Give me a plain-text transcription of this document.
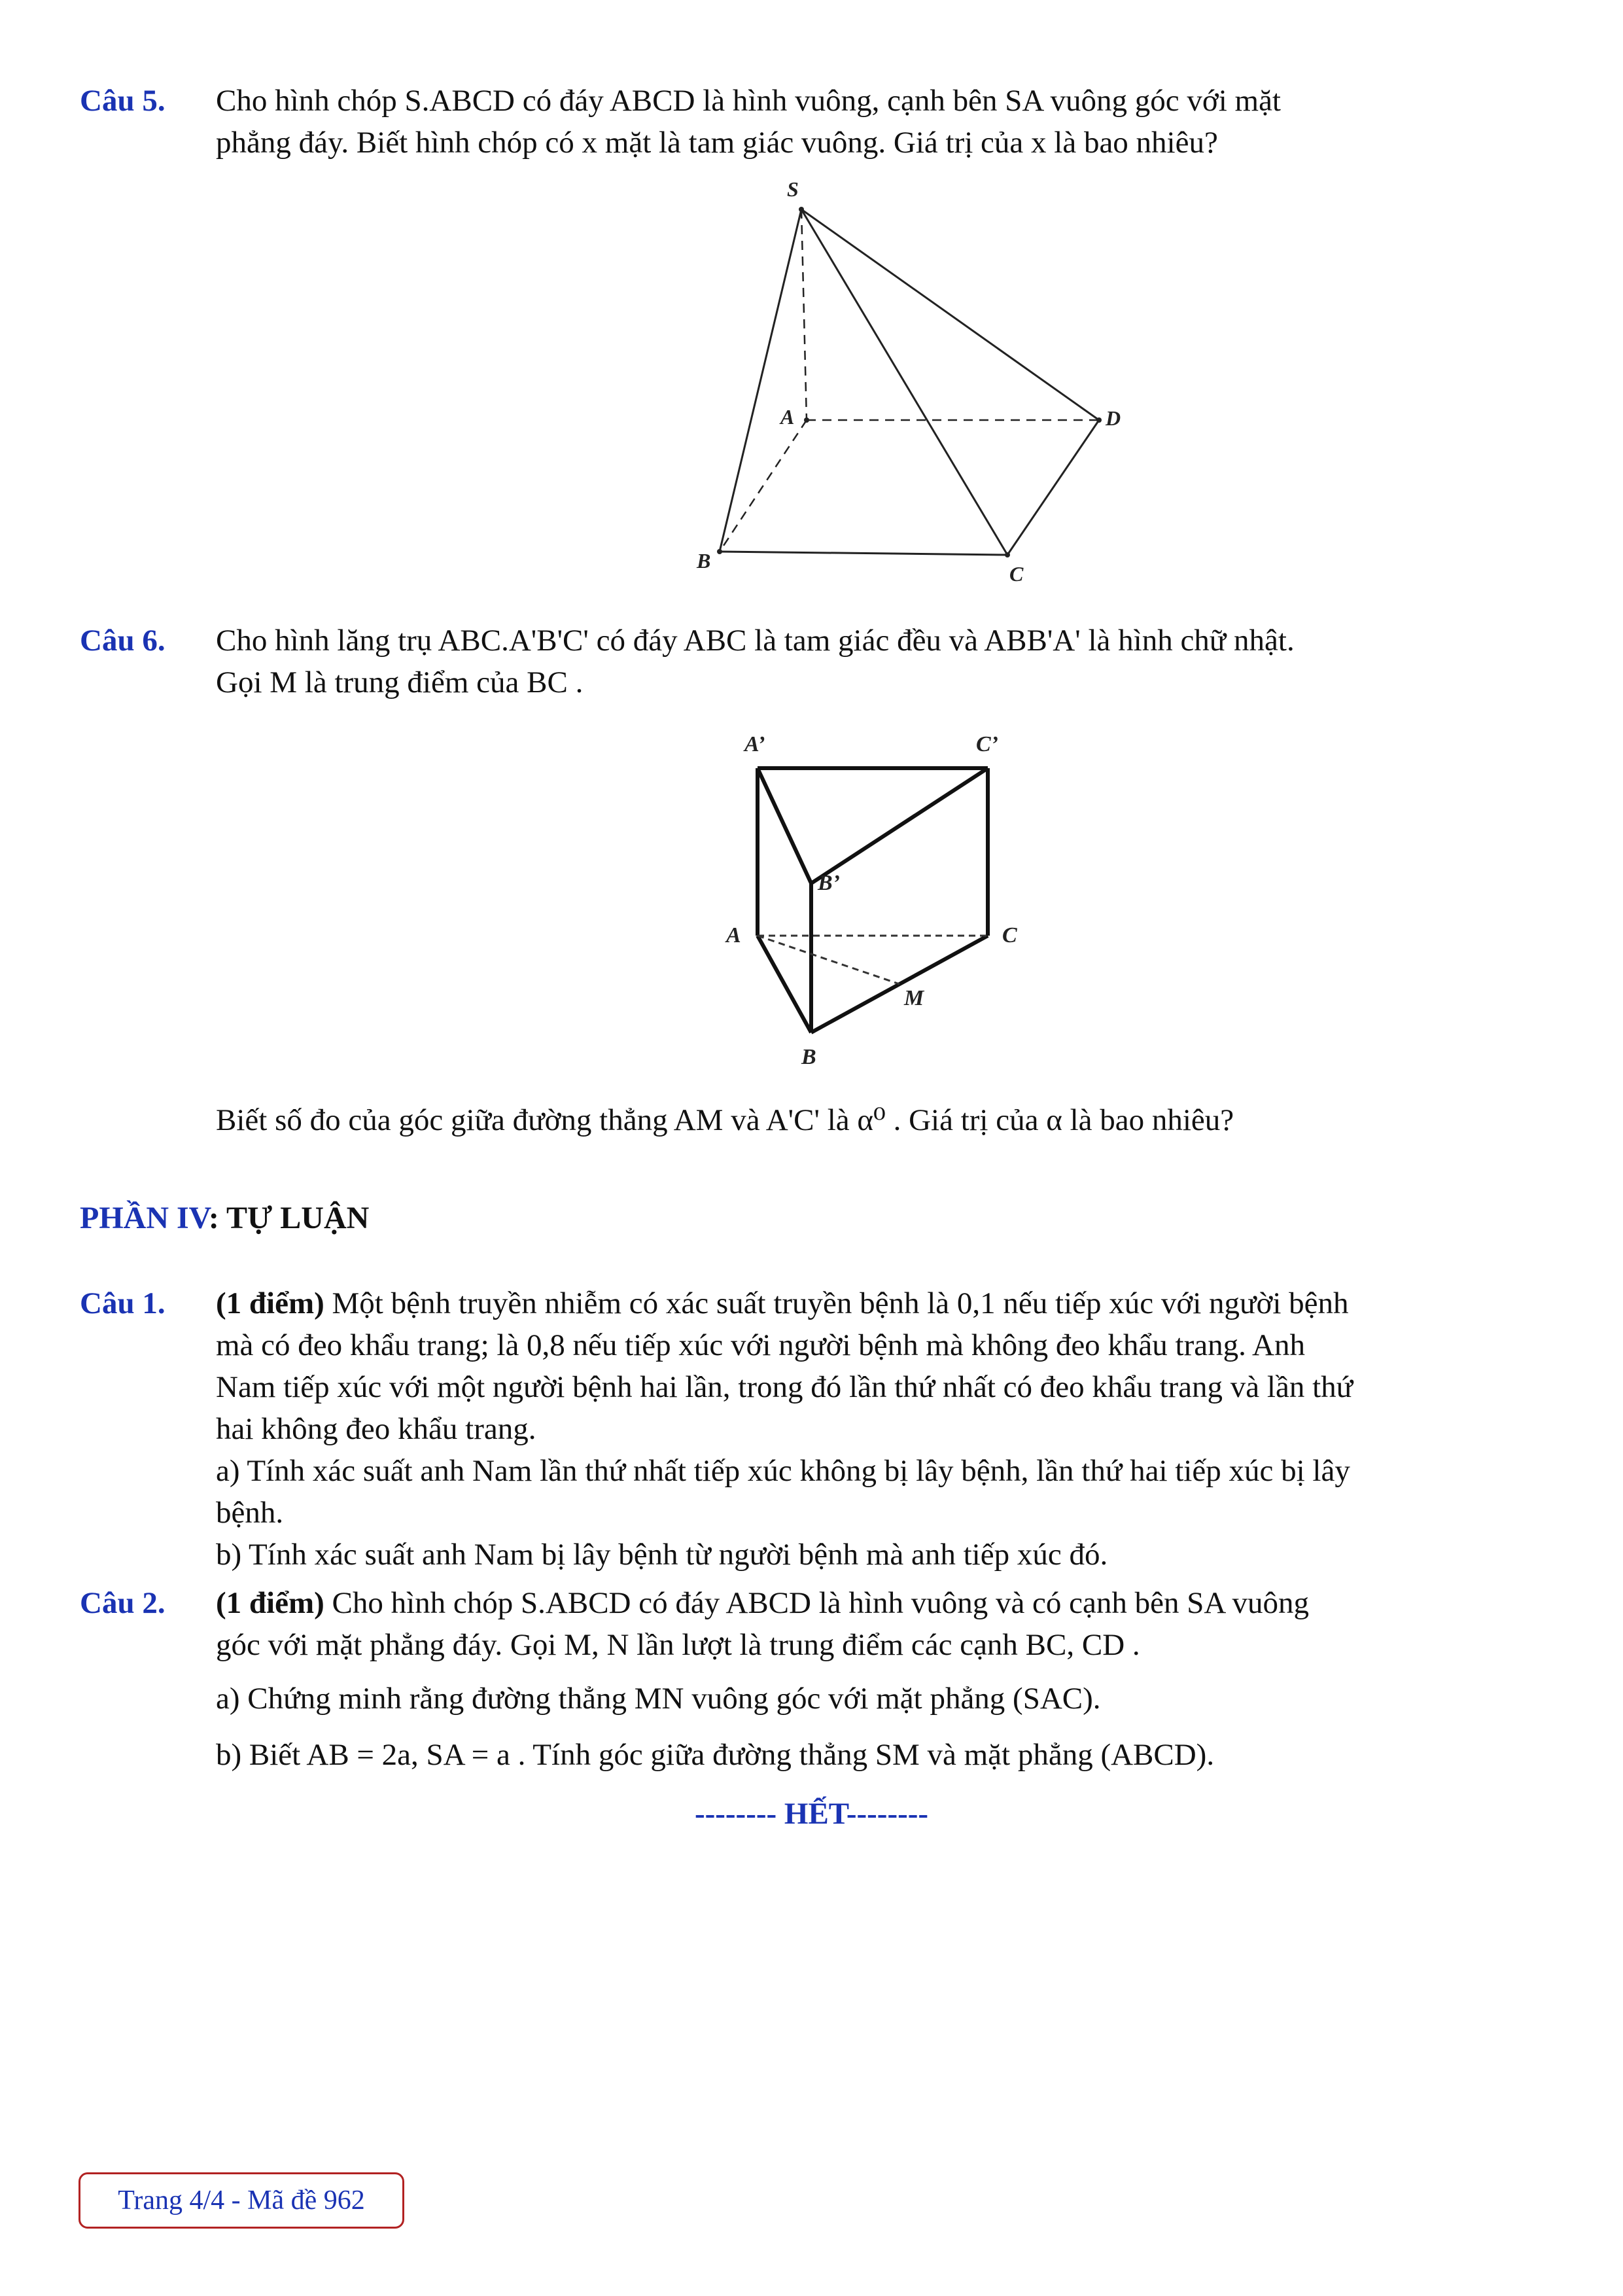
Câu 5. Cho hình chóp S.ABCD có đáy ABCD là hình vuông, cạnh bên SA vuông góc với mặt
phẳng đáy. Biết hình chóp có x mặt là tam giác vuông. Giá trị của x là bao nhiêu?
S
A
B
C
D
Câu 6. Cho hình lăng trụ ABC.A'B'C' có đáy ABC là tam giác đều và ABB'A' là hình chữ nhật.
Gọi M là trung điểm của BC .
A’	C’
B’
A	C
M
B
Biết số đo của góc giữa đường thẳng AM và A'C' là α⁰ . Giá trị của α là bao nhiêu?
PHẦN IV: TỰ LUẬN
Câu 1. (1 điểm) Một bệnh truyền nhiễm có xác suất truyền bệnh là 0,1 nếu tiếp xúc với người bệnh
mà có đeo khẩu trang; là 0,8 nếu tiếp xúc với người bệnh mà không đeo khẩu trang. Anh
Nam tiếp xúc với một người bệnh hai lần, trong đó lần thứ nhất có đeo khẩu trang và lần thứ
hai không đeo khẩu trang.
a) Tính xác suất anh Nam lần thứ nhất tiếp xúc không bị lây bệnh, lần thứ hai tiếp xúc bị lây
bệnh.
b) Tính xác suất anh Nam bị lây bệnh từ người bệnh mà anh tiếp xúc đó.
Câu 2. (1 điểm) Cho hình chóp S.ABCD có đáy ABCD là hình vuông và có cạnh bên SA vuông
góc với mặt phẳng đáy. Gọi M, N lần lượt là trung điểm các cạnh BC, CD .
a) Chứng minh rằng đường thẳng MN vuông góc với mặt phẳng (SAC).
b) Biết AB = 2a, SA = a . Tính góc giữa đường thẳng SM và mặt phẳng (ABCD).
-------- HẾT--------
Trang 4/4 - Mã đề 962
